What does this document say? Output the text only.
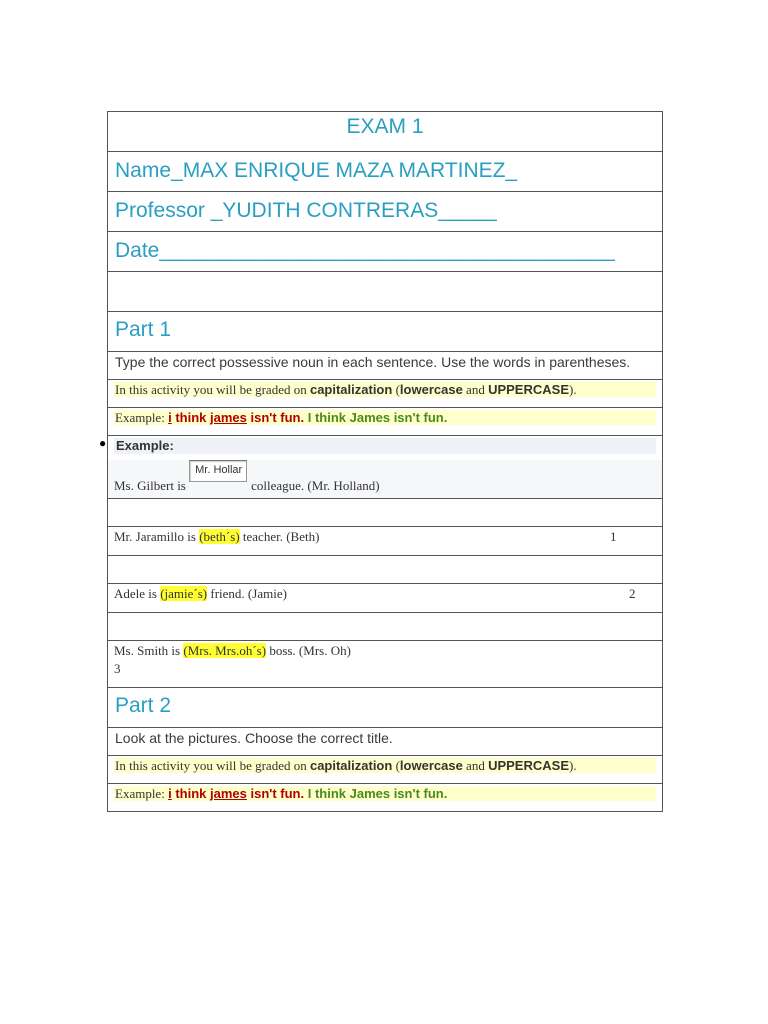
EXAM 1
Name_MAX ENRIQUE MAZA MARTINEZ_
Professor _YUDITH CONTRERAS_____
Date_______________________________________
Part 1
Type the correct possessive noun in each sentence. Use the words in parentheses.
In this activity you will be graded on capitalization (lowercase and UPPERCASE).
Example: i think james isn't fun. I think James isn't fun.
● Example:
Ms. Gilbert is Mr. Hollarcolleague. (Mr. Holland)
Mr. Jaramillo is (beth´s) teacher. (Beth)	1
Adele is (jamie´s) friend. (Jamie)	2
Ms. Smith is (Mrs. Mrs.oh´s) boss. (Mrs. Oh)
3
Part 2
Look at the pictures. Choose the correct title.
In this activity you will be graded on capitalization (lowercase and UPPERCASE).
Example: i think james isn't fun. I think James isn't fun.
